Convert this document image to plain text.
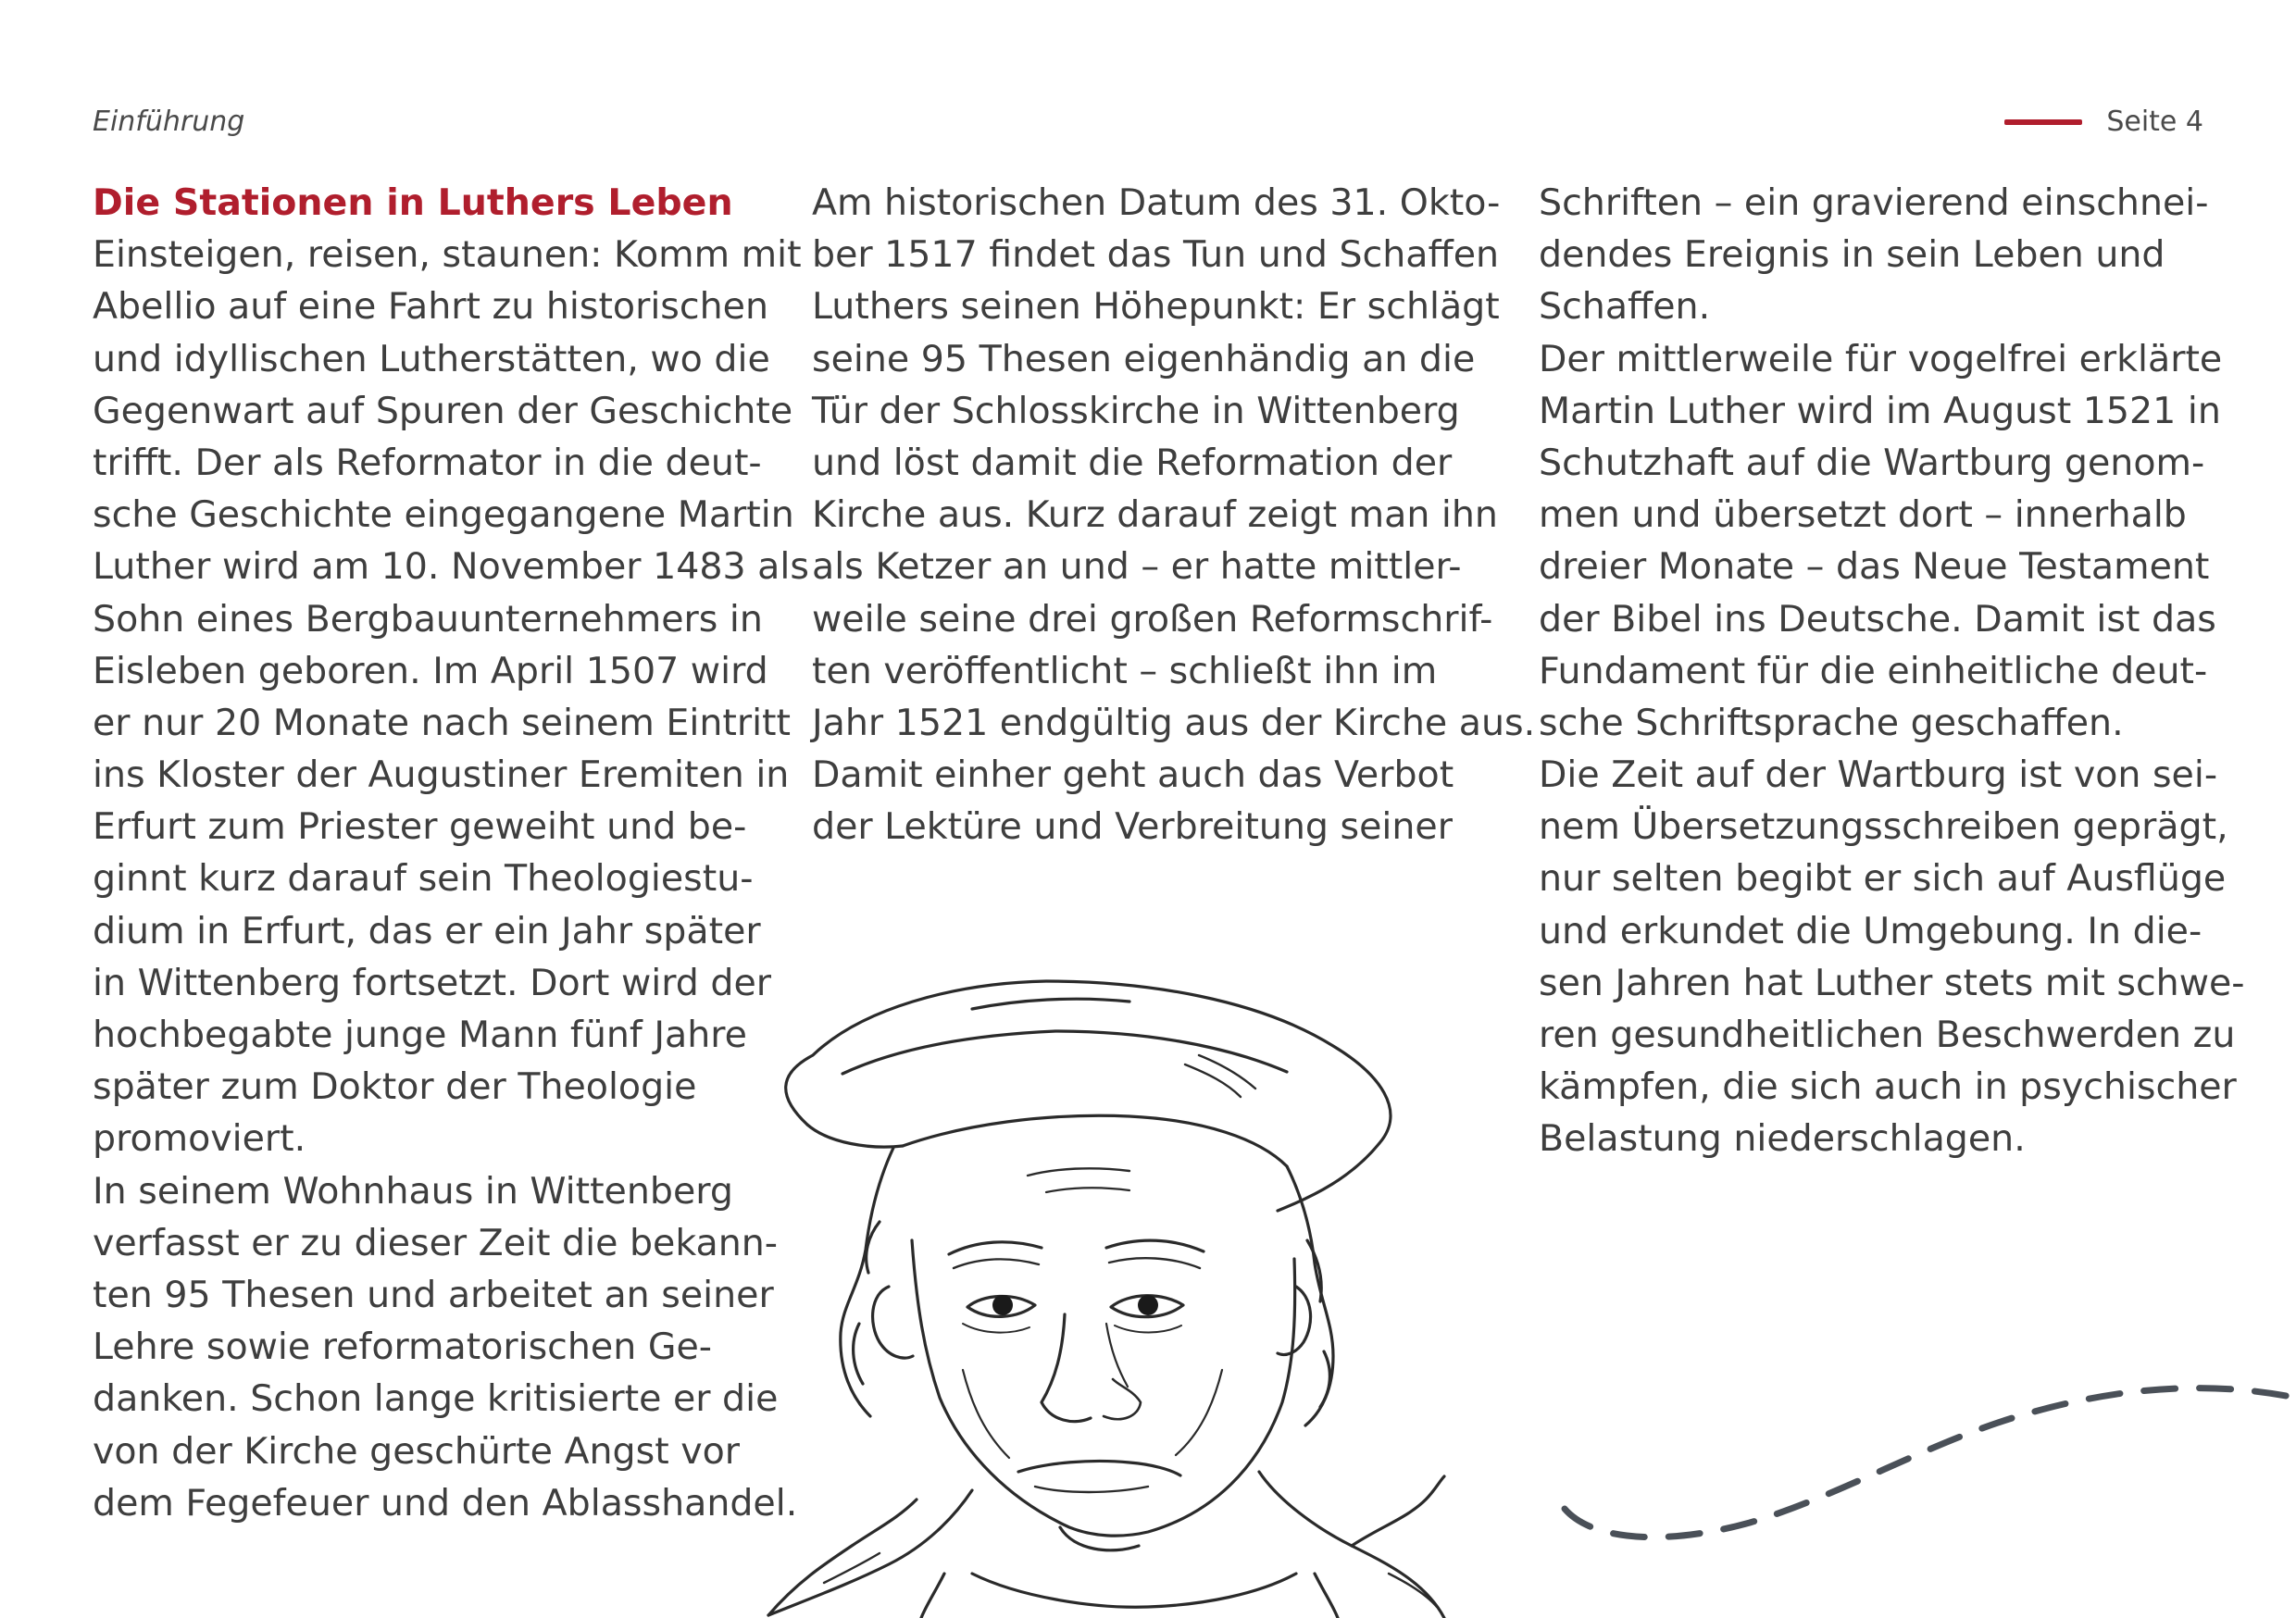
Einführung	Seite 4
Die Stationen in Luthers Leben
Einsteigen, reisen, staunen: Komm mit
Abellio auf eine Fahrt zu historischen
und idyllischen Lutherstätten, wo die
Gegenwart auf Spuren der Geschichte
trifft. Der als Reformator in die deut-
sche Geschichte eingegangene Martin
Luther wird am 10. November 1483 als
Sohn eines Bergbauunternehmers in
Eisleben geboren. Im April 1507 wird
er nur 20 Monate nach seinem Eintritt
ins Kloster der Augustiner Eremiten in
Erfurt zum Priester geweiht und be-
ginnt kurz darauf sein Theologiestu-
dium in Erfurt, das er ein Jahr später
in Wittenberg fortsetzt. Dort wird der
hochbegabte junge Mann fünf Jahre
später zum Doktor der Theologie
promoviert.
In seinem Wohnhaus in Wittenberg
verfasst er zu dieser Zeit die bekann-
ten 95 Thesen und arbeitet an seiner
Lehre sowie reformatorischen Ge-
danken. Schon lange kritisierte er die
von der Kirche geschürte Angst vor
dem Fegefeuer und den Ablasshandel.
Am historischen Datum des 31. Okto-
ber 1517 findet das Tun und Schaffen
Luthers seinen Höhepunkt: Er schlägt
seine 95 Thesen eigenhändig an die
Tür der Schlosskirche in Wittenberg
und löst damit die Reformation der
Kirche aus. Kurz darauf zeigt man ihn
als Ketzer an und – er hatte mittler-
weile seine drei großen Reformschrif-
ten veröffentlicht – schließt ihn im
Jahr 1521 endgültig aus der Kirche aus.
Damit einher geht auch das Verbot
der Lektüre und Verbreitung seiner
Schriften – ein gravierend einschnei-
dendes Ereignis in sein Leben und
Schaffen.
Der mittlerweile für vogelfrei erklärte
Martin Luther wird im August 1521 in
Schutzhaft auf die Wartburg genom-
men und übersetzt dort – innerhalb
dreier Monate – das Neue Testament
der Bibel ins Deutsche. Damit ist das
Fundament für die einheitliche deut-
sche Schriftsprache geschaffen.
Die Zeit auf der Wartburg ist von sei-
nem Übersetzungsschreiben geprägt,
nur selten begibt er sich auf Ausflüge
und erkundet die Umgebung. In die-
sen Jahren hat Luther stets mit schwe-
ren gesundheitlichen Beschwerden zu
kämpfen, die sich auch in psychischer
Belastung niederschlagen.
